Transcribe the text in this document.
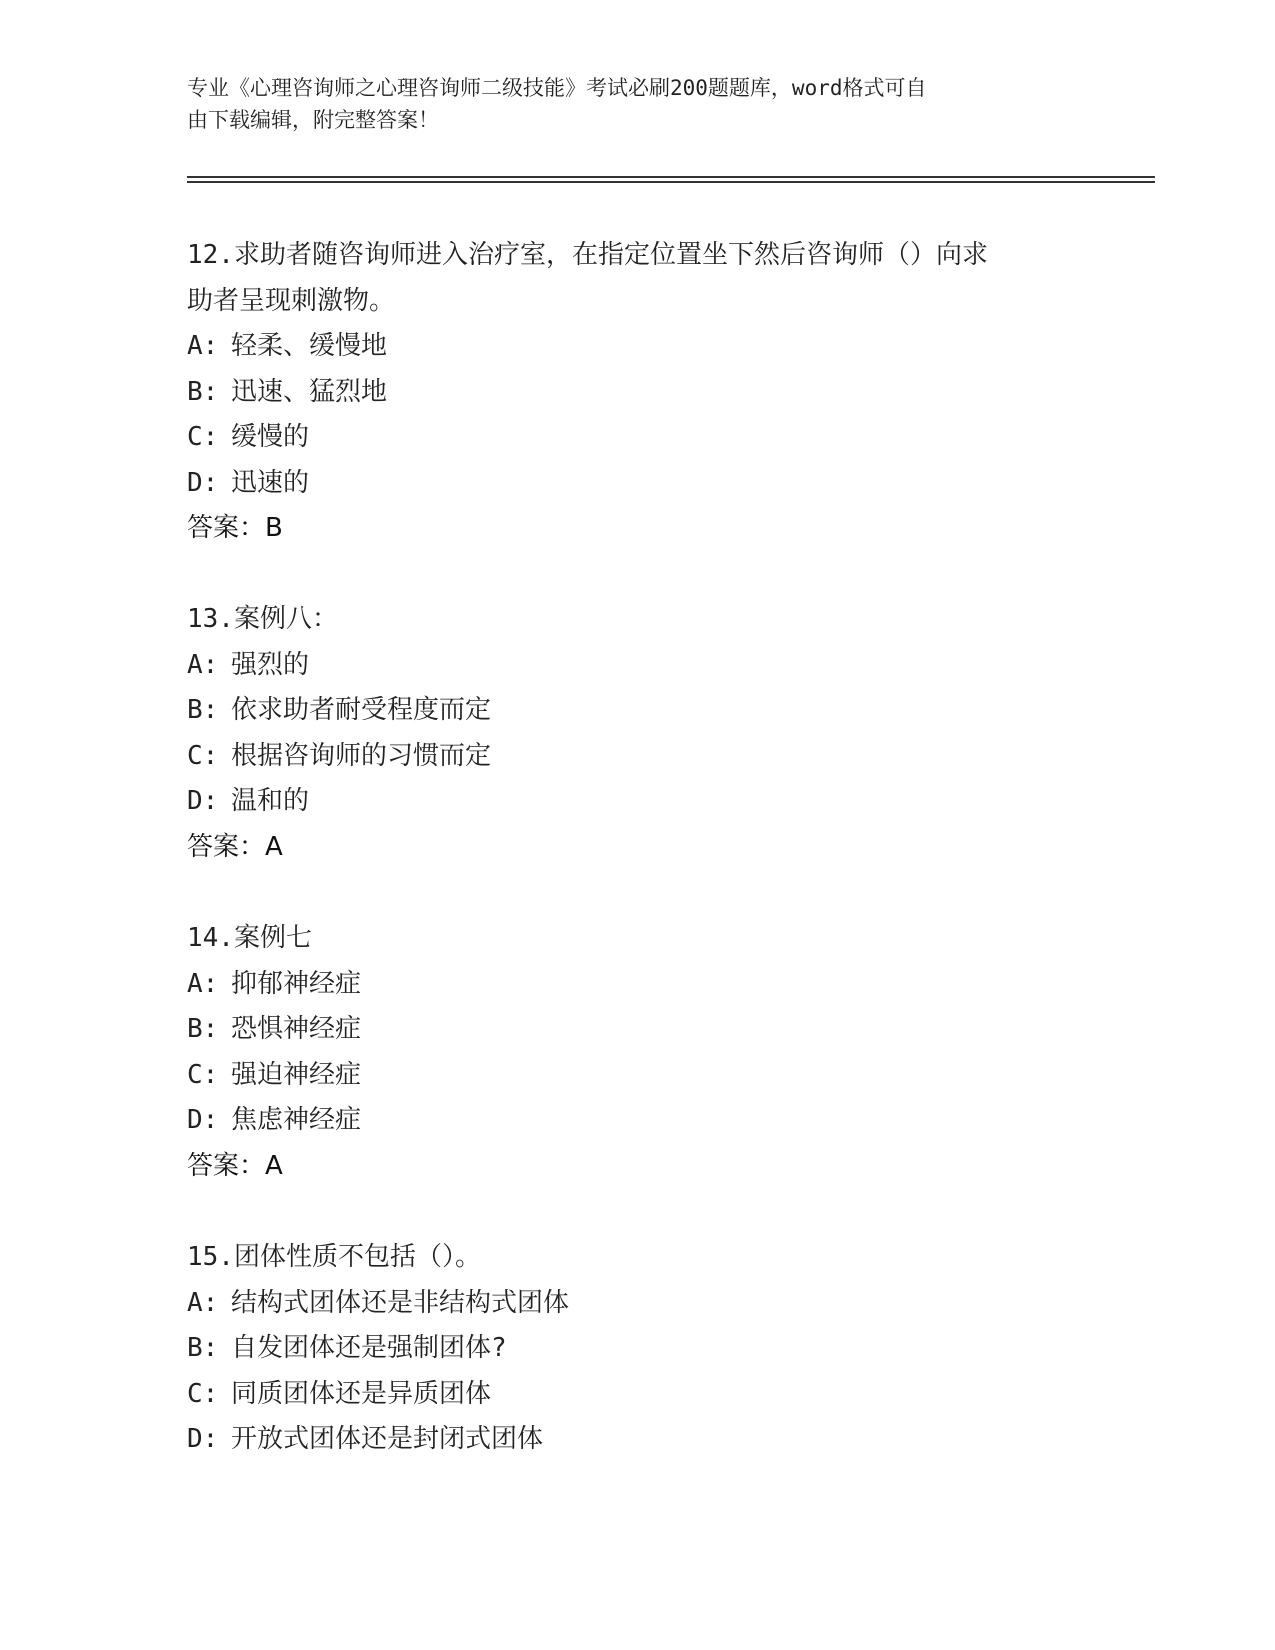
专业《心理咨询师之心理咨询师二级技能》考试必刷200题题库，word格式可自
由下载编辑，附完整答案！
12.求助者随咨询师进入治疗室，在指定位置坐下然后咨询师（）向求
助者呈现刺激物。
A: 轻柔、缓慢地
B: 迅速、猛烈地
C: 缓慢的
D: 迅速的
答案：B
13.案例八：
A: 强烈的
B: 依求助者耐受程度而定
C: 根据咨询师的习惯而定
D: 温和的
答案：A
14.案例七
A: 抑郁神经症
B: 恐惧神经症
C: 强迫神经症
D: 焦虑神经症
答案：A
15.团体性质不包括（）。
A: 结构式团体还是非结构式团体
B: 自发团体还是强制团体?
C: 同质团体还是异质团体
D: 开放式团体还是封闭式团体
